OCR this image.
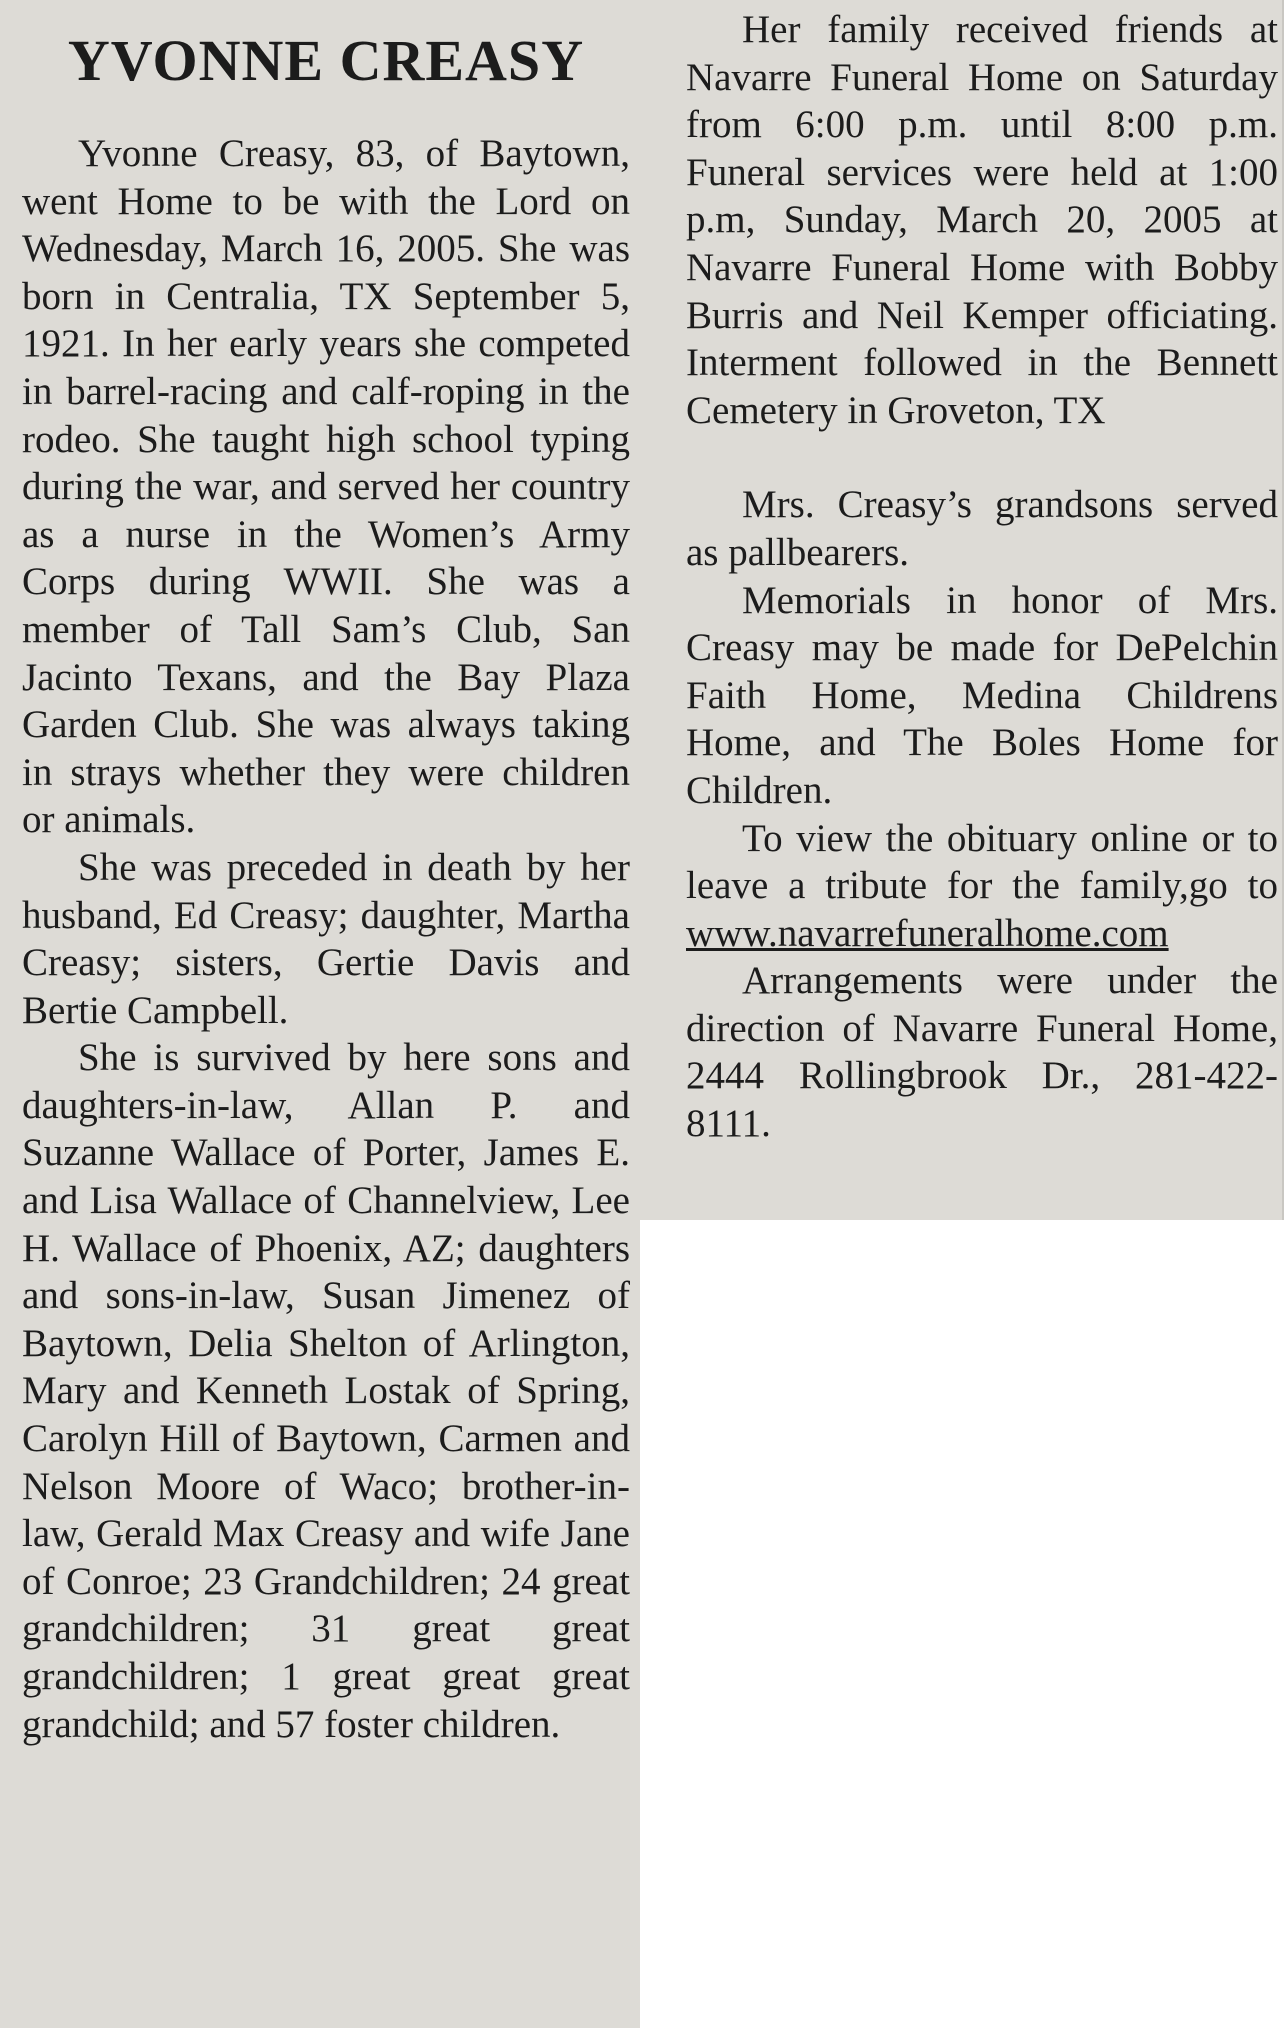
YVONNE CREASY

Yvonne Creasy, 83, of Baytown, went Home to be with the Lord on Wednesday, March 16, 2005. She was born in Centralia, TX September 5, 1921. In her early years she competed in barrel-racing and calf-roping in the rodeo. She taught high school typing during the war, and served her country as a nurse in the Women’s Army Corps during WWII. She was a member of Tall Sam’s Club, San Jacinto Texans, and the Bay Plaza Garden Club. She was always taking in strays whether they were children or animals.

She was preceded in death by her husband, Ed Creasy; daughter, Martha Creasy; sisters, Gertie Davis and Bertie Campbell.

She is survived by here sons and daughters-in-law, Allan P. and Suzanne Wallace of Porter, James E. and Lisa Wallace of Channelview, Lee H. Wallace of Phoenix, AZ; daughters and sons-in-law, Susan Jimenez of Baytown, Delia Shelton of Arlington, Mary and Kenneth Lostak of Spring, Carolyn Hill of Baytown, Carmen and Nelson Moore of Waco; brother-in-law, Gerald Max Creasy and wife Jane of Conroe; 23 Grandchildren; 24 great grandchildren; 31 great great grandchildren; 1 great great great grandchild; and 57 foster children.

Her family received friends at Navarre Funeral Home on Saturday from 6:00 p.m. until 8:00 p.m. Funeral services were held at 1:00 p.m, Sunday, March 20, 2005 at Navarre Funeral Home with Bobby Burris and Neil Kemper officiating. Interment followed in the Bennett Cemetery in Groveton, TX

Mrs. Creasy’s grandsons served as pallbearers.

Memorials in honor of Mrs. Creasy may be made for DePelchin Faith Home, Medina Childrens Home, and The Boles Home for Children.

To view the obituary online or to leave a tribute for the family,go to www.navarrefuneralhome.com

Arrangements were under the direction of Navarre Funeral Home, 2444 Rollingbrook Dr., 281-422-8111.
